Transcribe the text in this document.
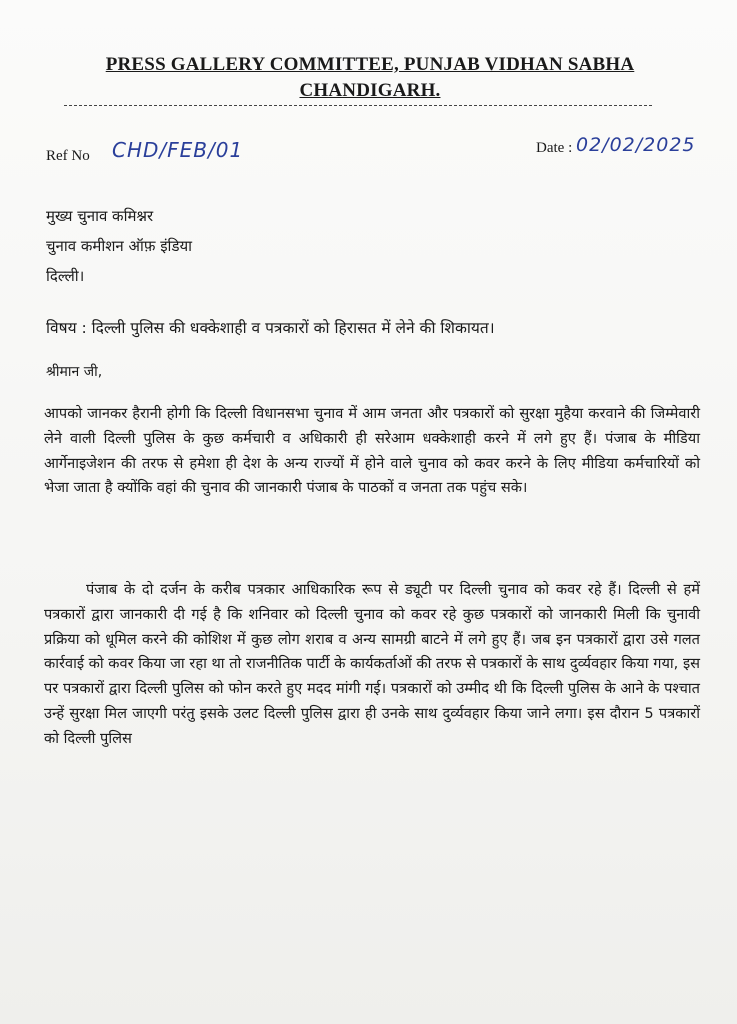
PRESS GALLERY COMMITTEE, PUNJAB VIDHAN SABHA
CHANDIGARH.
Ref No CHD/FEB/01	Date : 02/02/2025
मुख्य चुनाव कमिश्नर
चुनाव कमीशन ऑफ़ इंडिया
दिल्ली।
विषय : दिल्ली पुलिस की धक्केशाही व पत्रकारों को हिरासत में लेने की शिकायत।
श्रीमान जी,
आपको जानकर हैरानी होगी कि दिल्ली विधानसभा चुनाव में आम जनता और पत्रकारों को सुरक्षा मुहैया करवाने की जिम्मेवारी लेने वाली दिल्ली पुलिस के कुछ कर्मचारी व अधिकारी ही सरेआम धक्केशाही करने में लगे हुए हैं। पंजाब के मीडिया आर्गेनाइजेशन की तरफ से हमेशा ही देश के अन्य राज्यों में होने वाले चुनाव को कवर करने के लिए मीडिया कर्मचारियों को भेजा जाता है क्योंकि वहां की चुनाव की जानकारी पंजाब के पाठकों व जनता तक पहुंच सके।
पंजाब के दो दर्जन के करीब पत्रकार आधिकारिक रूप से ड्यूटी पर दिल्ली चुनाव को कवर रहे हैं। दिल्ली से हमें पत्रकारों द्वारा जानकारी दी गई है कि शनिवार को दिल्ली चुनाव को कवर रहे कुछ पत्रकारों को जानकारी मिली कि चुनावी प्रक्रिया को धूमिल करने की कोशिश में कुछ लोग शराब व अन्य सामग्री बाटने में लगे हुए हैं। जब इन पत्रकारों द्वारा उसे गलत कार्रवाई को कवर किया जा रहा था तो राजनीतिक पार्टी के कार्यकर्ताओं की तरफ से पत्रकारों के साथ दुर्व्यवहार किया गया, इस पर पत्रकारों द्वारा दिल्ली पुलिस को फोन करते हुए मदद मांगी गई। पत्रकारों को उम्मीद थी कि दिल्ली पुलिस के आने के पश्चात उन्हें सुरक्षा मिल जाएगी परंतु इसके उलट दिल्ली पुलिस द्वारा ही उनके साथ दुर्व्यवहार किया जाने लगा। इस दौरान 5 पत्रकारों को दिल्ली पुलिस
